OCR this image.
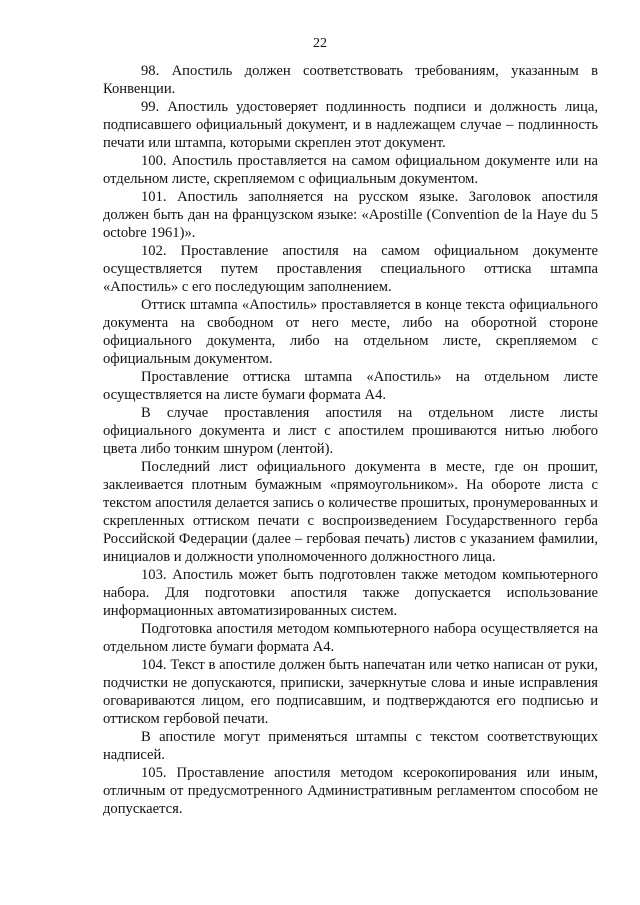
22

98. Апостиль должен соответствовать требованиям, указанным в Конвенции.

99. Апостиль удостоверяет подлинность подписи и должность лица, подписавшего официальный документ, и в надлежащем случае – подлинность печати или штампа, которыми скреплен этот документ.

100. Апостиль проставляется на самом официальном документе или на отдельном листе, скрепляемом с официальным документом.

101. Апостиль заполняется на русском языке. Заголовок апостиля должен быть дан на французском языке: «Apostille (Convention de la Haye du 5 octobre 1961)».

102. Проставление апостиля на самом официальном документе осуществляется путем проставления специального оттиска штампа «Апостиль» с его последующим заполнением.

Оттиск штампа «Апостиль» проставляется в конце текста официального документа на свободном от него месте, либо на оборотной стороне официального документа, либо на отдельном листе, скрепляемом с официальным документом.

Проставление оттиска штампа «Апостиль» на отдельном листе осуществляется на листе бумаги формата А4.

В случае проставления апостиля на отдельном листе листы официального документа и лист с апостилем прошиваются нитью любого цвета либо тонким шнуром (лентой).

Последний лист официального документа в месте, где он прошит, заклеивается плотным бумажным «прямоугольником». На обороте листа с текстом апостиля делается запись о количестве прошитых, пронумерованных и скрепленных оттиском печати с воспроизведением Государственного герба Российской Федерации (далее – гербовая печать) листов с указанием фамилии, инициалов и должности уполномоченного должностного лица.

103. Апостиль может быть подготовлен также методом компьютерного набора. Для подготовки апостиля также допускается использование информационных автоматизированных систем.

Подготовка апостиля методом компьютерного набора осуществляется на отдельном листе бумаги формата А4.

104. Текст в апостиле должен быть напечатан или четко написан от руки, подчистки не допускаются, приписки, зачеркнутые слова и иные исправления оговариваются лицом, его подписавшим, и подтверждаются его подписью и оттиском гербовой печати.

В апостиле могут применяться штампы с текстом соответствующих надписей.

105. Проставление апостиля методом ксерокопирования или иным, отличным от предусмотренного Административным регламентом способом не допускается.
